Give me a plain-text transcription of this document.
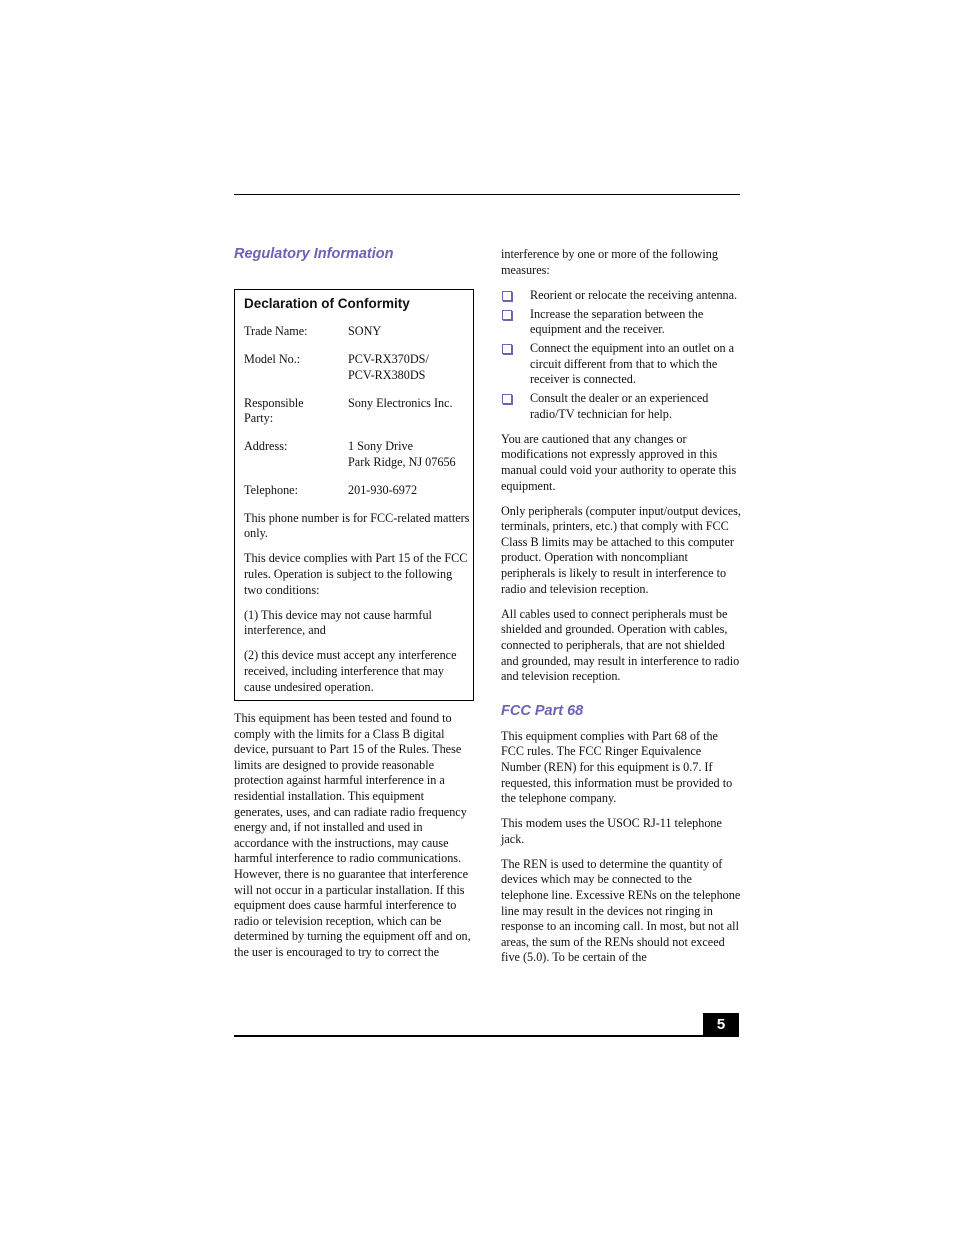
Regulatory Information
Declaration of Conformity
Trade Name:	SONY
Model No.:	PCV-RX370DS/
PCV-RX380DS
Responsible Party:
Sony Electronics Inc.
Address:	1 Sony Drive
Park Ridge, NJ 07656
Telephone:	201-930-6972

This phone number is for FCC-related matters only.

This device complies with Part 15 of the FCC rules. Operation is subject to the following two conditions:

(1) This device may not cause harmful interference, and

(2) this device must accept any interference received, including interference that may cause undesired operation.

This equipment has been tested and found to comply with the limits for a Class B digital device, pursuant to Part 15 of the Rules. These limits are designed to provide reasonable protection against harmful interference in a residential installation. This equipment generates, uses, and can radiate radio frequency energy and, if not installed and used in accordance with the instructions, may cause harmful interference to radio communications. However, there is no guarantee that interference will not occur in a particular installation. If this equipment does cause harmful interference to radio or television reception, which can be determined by turning the equipment off and on, the user is encouraged to try to correct the

interference by one or more of the following measures:

Reorient or relocate the receiving antenna.
Increase the separation between the equipment and the receiver.
Connect the equipment into an outlet on a circuit different from that to which the receiver is connected.
Consult the dealer or an experienced radio/TV technician for help.

You are cautioned that any changes or modifications not expressly approved in this manual could void your authority to operate this equipment.

Only peripherals (computer input/output devices, terminals, printers, etc.) that comply with FCC Class B limits may be attached to this computer product. Operation with noncompliant peripherals is likely to result in interference to radio and television reception.

All cables used to connect peripherals must be shielded and grounded. Operation with cables, connected to peripherals, that are not shielded and grounded, may result in interference to radio and television reception.

FCC Part 68

This equipment complies with Part 68 of the FCC rules. The FCC Ringer Equivalence Number (REN) for this equipment is 0.7. If requested, this information must be provided to the telephone company.

This modem uses the USOC RJ-11 telephone jack.

The REN is used to determine the quantity of devices which may be connected to the telephone line. Excessive RENs on the telephone line may result in the devices not ringing in response to an incoming call. In most, but not all areas, the sum of the RENs should not exceed five (5.0). To be certain of the

5
